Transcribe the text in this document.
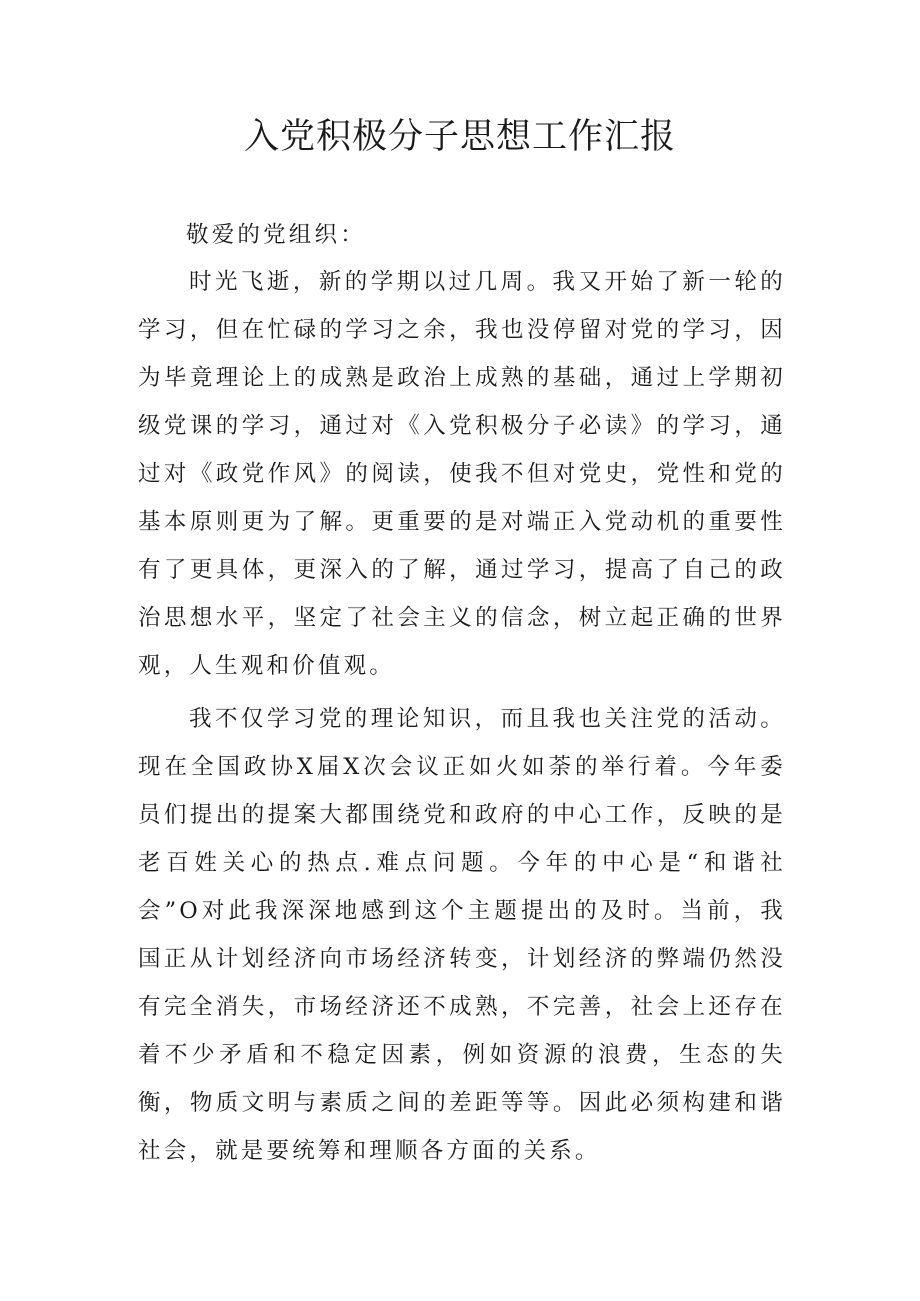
入党积极分子思想工作汇报

敬爱的党组织：

时光飞逝，新的学期以过几周。我又开始了新一轮的学习，但在忙碌的学习之余，我也没停留对党的学习，因为毕竟理论上的成熟是政治上成熟的基础，通过上学期初级党课的学习，通过对《入党积极分子必读》的学习，通过对《政党作风》的阅读，使我不但对党史，党性和党的基本原则更为了解。更重要的是对端正入党动机的重要性有了更具体，更深入的了解，通过学习，提高了自己的政治思想水平，坚定了社会主义的信念，树立起正确的世界观，人生观和价值观。

我不仅学习党的理论知识，而且我也关注党的活动。现在全国政协X届X次会议正如火如荼的举行着。今年委员们提出的提案大都围绕党和政府的中心工作，反映的是老百姓关心的热点.难点问题。今年的中心是“和谐社会”O对此我深深地感到这个主题提出的及时。当前，我国正从计划经济向市场经济转变，计划经济的弊端仍然没有完全消失，市场经济还不成熟，不完善，社会上还存在着不少矛盾和不稳定因素，例如资源的浪费，生态的失衡，物质文明与素质之间的差距等等。因此必须构建和谐社会，就是要统筹和理顺各方面的关系。
